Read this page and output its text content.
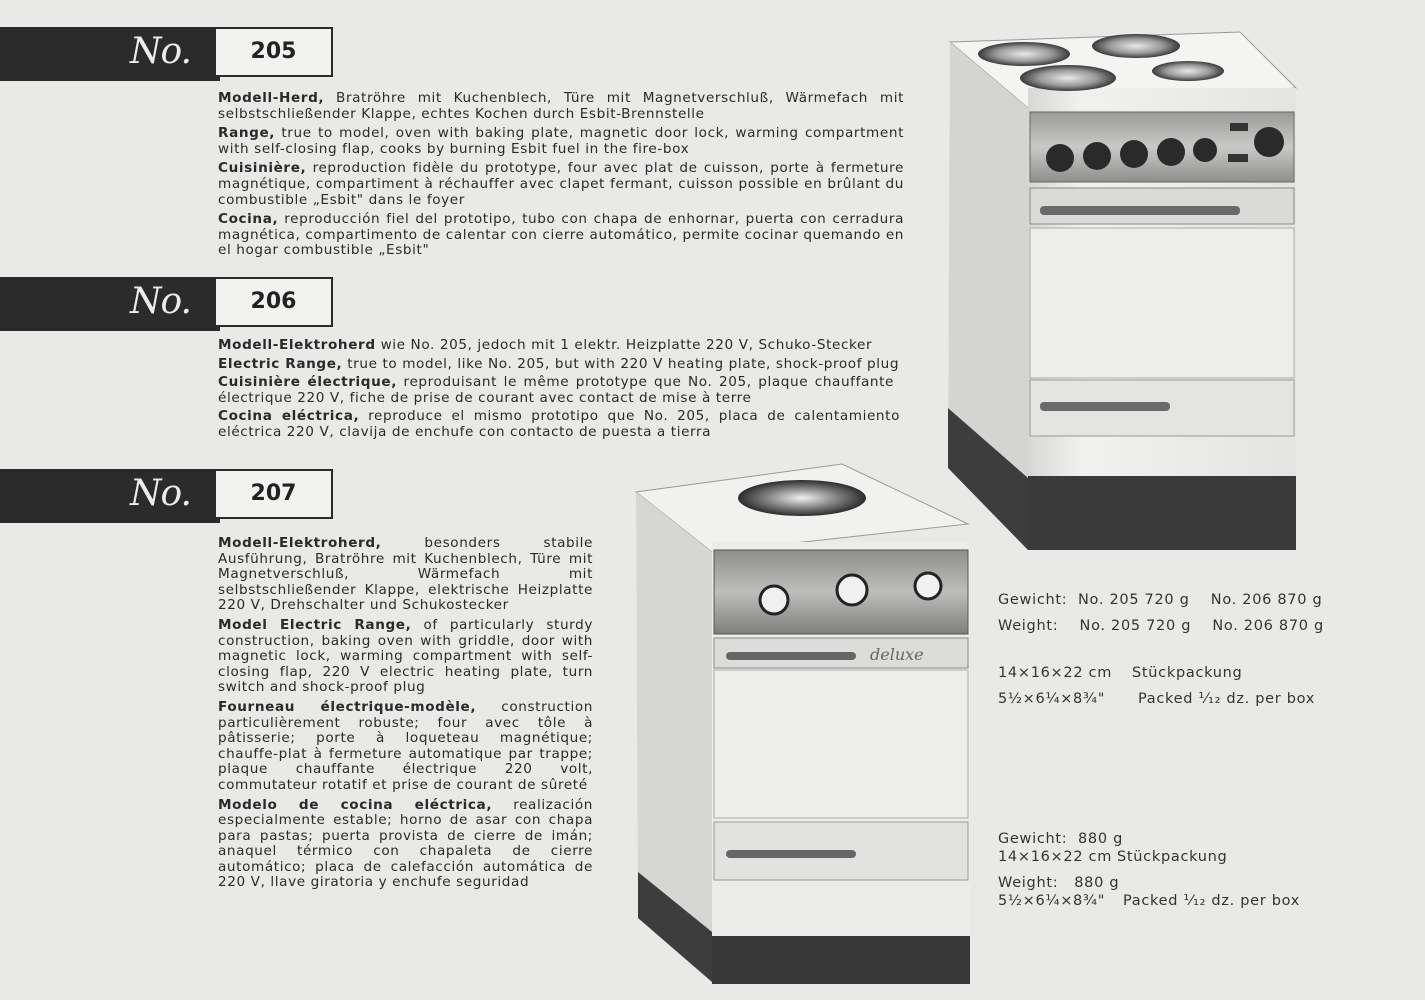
No.	205

Modell-Herd, Bratröhre mit Kuchenblech, Türe mit Magnetverschluß, Wärmefach mit selbstschließender Klappe, echtes Kochen durch Esbit-Brennstelle

Range, true to model, oven with baking plate, magnetic door lock, warming compartment with self-closing flap, cooks by burning Esbit fuel in the fire-box

Cuisinière, reproduction fidèle du prototype, four avec plat de cuisson, porte à fermeture magnétique, compartiment à réchauffer avec clapet fermant, cuisson possible en brûlant du combustible „Esbit" dans le foyer

Cocina, reproducción fiel del prototipo, tubo con chapa de enhornar, puerta con cerradura magnética, compartimento de calentar con cierre automático, permite cocinar quemando en el hogar combustible „Esbit"

No.	206

Modell-Elektroherd wie No. 205, jedoch mit 1 elektr. Heizplatte 220 V, Schuko-Stecker

Electric Range, true to model, like No. 205, but with 220 V heating plate, shock-proof plug

Cuisinière électrique, reproduisant le même prototype que No. 205, plaque chauffante électrique 220 V, fiche de prise de courant avec contact de mise à terre

Cocina eléctrica, reproduce el mismo prototipo que No. 205, placa de calentamiento eléctrica 220 V, clavija de enchufe con contacto de puesta a tierra

No.	207

Modell-Elektroherd, besonders stabile Ausführung, Bratröhre mit Kuchenblech, Türe mit Magnetverschluß, Wärmefach mit selbstschließender Klappe, elektrische Heizplatte 220 V, Drehschalter und Schukostecker

Model Electric Range, of particularly sturdy construction, baking oven with griddle, door with magnetic lock, warming compartment with self-closing flap, 220 V electric heating plate, turn switch and shock-proof plug

Fourneau électrique-modèle, construction particulièrement robuste; four avec tôle à pâtisserie; porte à loqueteau magnétique; chauffe-plat à fermeture automatique par trappe; plaque chauffante électrique 220 volt, commutateur rotatif et prise de courant de sûreté

Modelo de cocina eléctrica, realización especialmente estable; horno de asar con chapa para pastas; puerta provista de cierre de imán; anaquel térmico con chapaleta de cierre automático; placa de calefacción automática de 220 V, llave giratoria y enchufe seguridad

deluxe
Gewicht:  No. 205 720 g    No. 206 870 g
Weight:    No. 205 720 g    No. 206 870 g
14×16×22 cm Stückpackung
5½×6¼×8¾" Packed ¹⁄₁₂ dz. per box
Gewicht:  880 g
14×16×22 cm Stückpackung
Weight:   880 g
5½×6¼×8¾" Packed ¹⁄₁₂ dz. per box
